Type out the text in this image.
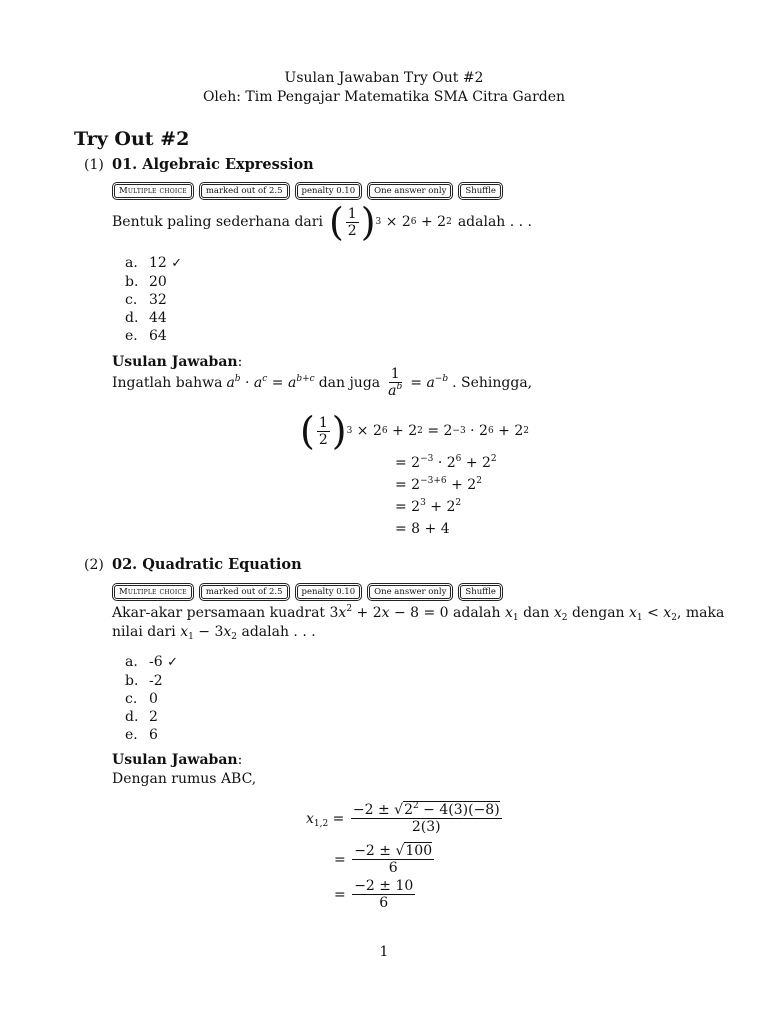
Usulan Jawaban Try Out #2
Oleh: Tim Pengajar Matematika SMA Citra Garden
Try Out #2
(1) 01. Algebraic Expression
Multiple choice	marked out of 2.5	penalty 0.10	One answer only	Shuffle
Bentuk paling sederhana dari ( $\frac{1}{2}$ ) 3 × 2 6 + 2 2 adalah . . .
a. 12 ✓
b. 20
c. 32
d. 44
e. 64
Usulan Jawaban:
Ingatlah bahwa $a^b \cdot a^c = a^{b+c}$ dan juga $\frac{1}{a^b} = a^{-b}$ . Sehingga,
( $\frac{1}{2}$ ) 3 × 2 6 + 2 2 = 2 −3 · 2 6 + 2 2
= $2^{-3} \cdot 2^6 + 2^2$
= $2^{-3+6} + 2^2$
= $2^3 + 2^2$
= 8 + 4
(2) 02. Quadratic Equation
Multiple choice	marked out of 2.5	penalty 0.10	One answer only	Shuffle
Akar-akar persamaan kuadrat $3x^2 + 2x - 8 = 0$ adalah $x_1$ dan $x_2$ dengan $x_1 < x_2$, maka
nilai dari $x_1 - 3x_2$ adalah . . .
a. -6 ✓
b. -2
c. 0
d. 2
e. 6
Usulan Jawaban:
Dengan rumus ABC,
$x_{1,2} = \frac{-2 \pm √2^2 - 4(3)(-8)}{2(3)}$
= $\frac{-2 \pm √100}{6}$
= $\frac{-2 \pm 10}{6}$
1
